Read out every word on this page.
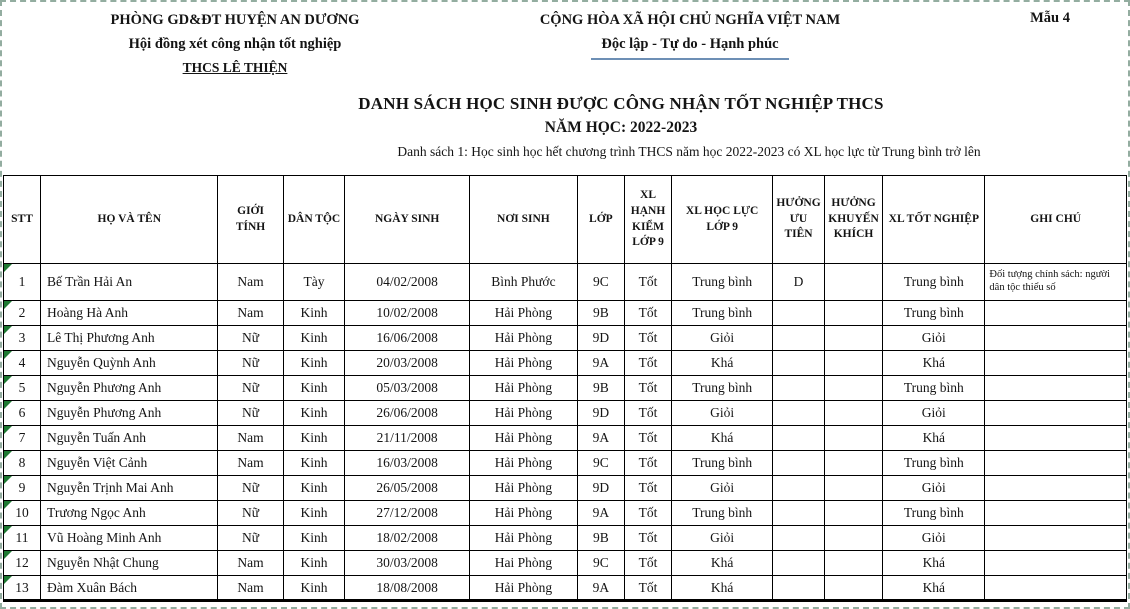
PHÒNG GD&ĐT HUYỆN AN DƯƠNG
Hội đồng xét công nhận tốt nghiệp
THCS LÊ THIỆN
CỘNG HÒA XÃ HỘI CHỦ NGHĨA VIỆT NAM
Độc lập - Tự do - Hạnh phúc
Mẫu 4
DANH SÁCH HỌC SINH ĐƯỢC CÔNG NHẬN TỐT NGHIỆP THCS
NĂM HỌC: 2022-2023
Danh sách 1: Học sinh học hết chương trình THCS năm học 2022-2023 có XL học lực từ Trung bình trở lên
STT	HỌ VÀ TÊN	GIỚI TÍNH	DÂN TỘC	NGÀY SINH	NƠI SINH	LỚP	XL HẠNH KIỂM LỚP 9	XL HỌC LỰC LỚP 9	HƯỞNG ƯU TIÊN	HƯỞNG KHUYẾN KHÍCH	XL TỐT NGHIỆP	GHI CHÚ
1	Bế Trần Hải An	Nam	Tày	04/02/2008	Bình Phước	9C	Tốt	Trung bình	D		Trung bình	Đối tượng chính sách: người dân tộc thiểu số
2	Hoàng Hà Anh	Nam	Kinh	10/02/2008	Hải Phòng	9B	Tốt	Trung bình			Trung bình	
3	Lê Thị Phương Anh	Nữ	Kinh	16/06/2008	Hải Phòng	9D	Tốt	Giỏi			Giỏi	
4	Nguyễn Quỳnh Anh	Nữ	Kinh	20/03/2008	Hải Phòng	9A	Tốt	Khá			Khá	
5	Nguyễn Phương Anh	Nữ	Kinh	05/03/2008	Hải Phòng	9B	Tốt	Trung bình			Trung bình	
6	Nguyễn Phương Anh	Nữ	Kinh	26/06/2008	Hải Phòng	9D	Tốt	Giỏi			Giỏi	
7	Nguyễn Tuấn Anh	Nam	Kinh	21/11/2008	Hải Phòng	9A	Tốt	Khá			Khá	
8	Nguyễn Việt Cảnh	Nam	Kinh	16/03/2008	Hải Phòng	9C	Tốt	Trung bình			Trung bình	
9	Nguyễn Trịnh Mai Anh	Nữ	Kinh	26/05/2008	Hải Phòng	9D	Tốt	Giỏi			Giỏi	
10	Trương Ngọc Anh	Nữ	Kinh	27/12/2008	Hải Phòng	9A	Tốt	Trung bình			Trung bình	
11	Vũ Hoàng Minh Anh	Nữ	Kinh	18/02/2008	Hải Phòng	9B	Tốt	Giỏi			Giỏi	
12	Nguyễn Nhật Chung	Nam	Kinh	30/03/2008	Hai Phòng	9C	Tốt	Khá			Khá	
13	Đàm Xuân Bách	Nam	Kinh	18/08/2008	Hải Phòng	9A	Tốt	Khá			Khá	
